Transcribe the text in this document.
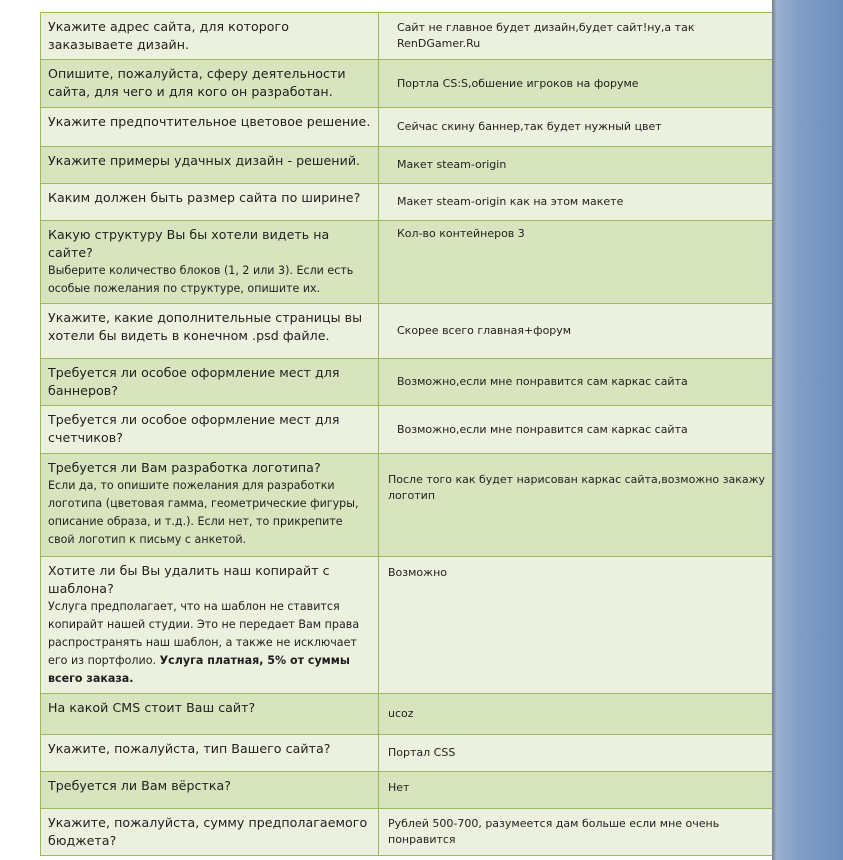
Укажите адрес сайта, для которого заказываете дизайн.	Сайт не главное будет дизайн,будет сайт!ну,а так RenDGamer.Ru

Опишите, пожалуйста, сферу деятельности сайта, для чего и для кого он разработан.	Портла CS:S,обшение игроков на форуме

Укажите предпочтительное цветовое решение.	Сейчас скину баннер,так будет нужный цвет

Укажите примеры удачных дизайн - решений.	Макет steam-origin

Каким должен быть размер сайта по ширине?	Макет steam-origin как на этом макете

Какую структуру Вы бы хотели видеть на сайте?
Выберите количество блоков (1, 2 или 3). Если есть особые пожелания по структуре, опишите их.	Кол-во контейнеров 3

Укажите, какие дополнительные страницы вы хотели бы видеть в конечном .psd файле.	Скорее всего главная+форум

Требуется ли особое оформление мест для баннеров?	Возможно,если мне понравится сам каркас сайта

Требуется ли особое оформление мест для счетчиков?	Возможно,если мне понравится сам каркас сайта

Требуется ли Вам разработка логотипа?
Если да, то опишите пожелания для разработки логотипа (цветовая гамма, геометрические фигуры, описание образа, и т.д.). Если нет, то прикрепите свой логотип к письму с анкетой.	После того как будет нарисован каркас сайта,возможно закажу логотип

Хотите ли бы Вы удалить наш копирайт с шаблона?
Услуга предполагает, что на шаблон не ставится копирайт нашей студии. Это не передает Вам права распространять наш шаблон, а также не исключает его из портфолио. Услуга платная, 5% от суммы всего заказа.	Возможно

На какой CMS стоит Ваш сайт?	ucoz

Укажите, пожалуйста, тип Вашего сайта?	Портал CSS

Требуется ли Вам вёрстка?	Нет

Укажите, пожалуйста, сумму предполагаемого бюджета?	Рублей 500-700, разумеется дам больше если мне очень понравится
